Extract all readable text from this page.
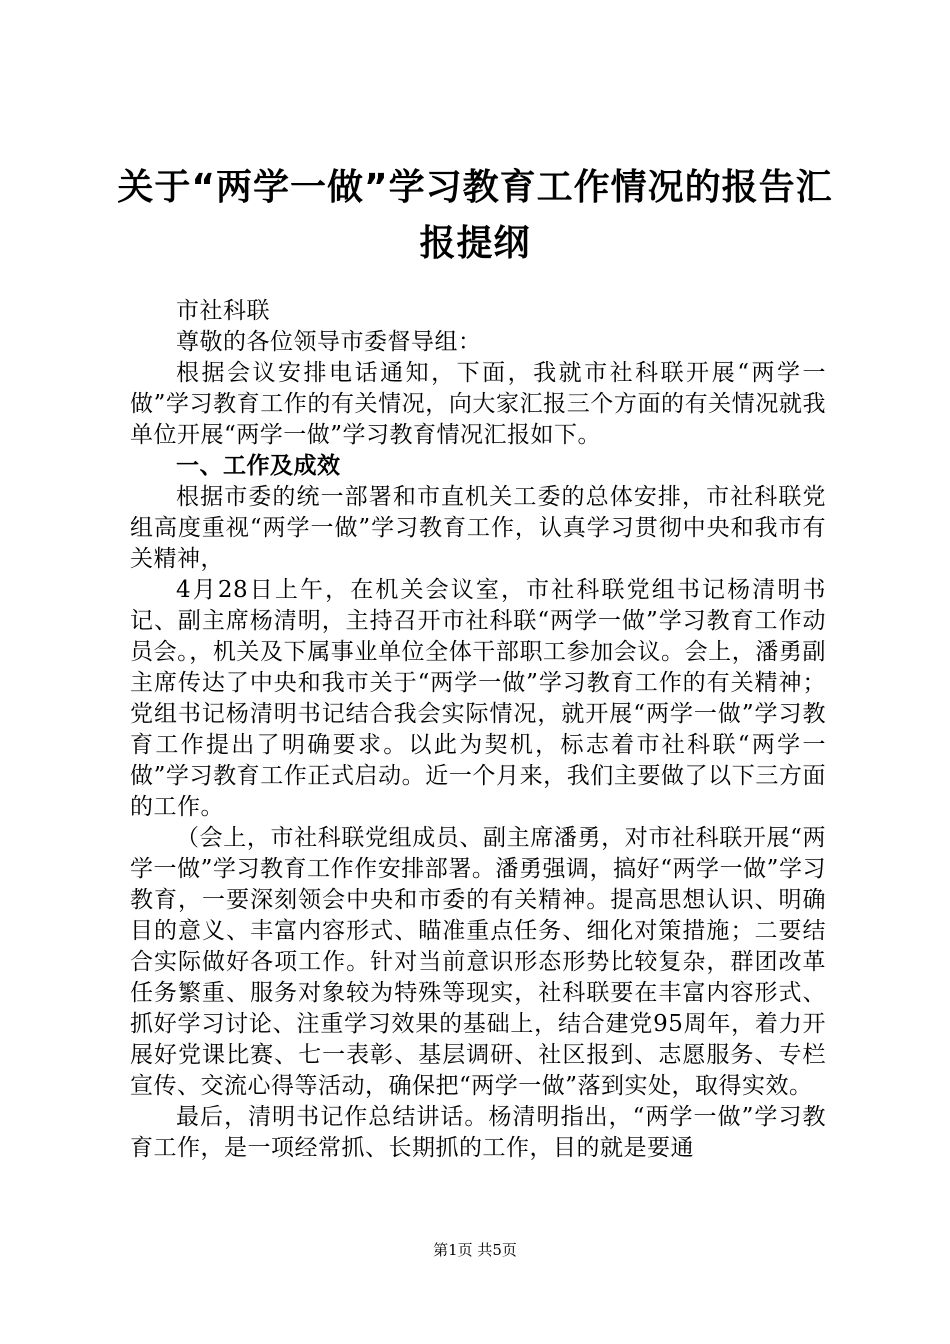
关于“两学一做”学习教育工作情况的报告汇报提纲

市社科联

尊敬的各位领导市委督导组：

根据会议安排电话通知，下面，我就市社科联开展“两学一做”学习教育工作的有关情况，向大家汇报三个方面的有关情况就我单位开展“两学一做”学习教育情况汇报如下。

一、工作及成效

根据市委的统一部署和市直机关工委的总体安排，市社科联党组高度重视“两学一做”学习教育工作，认真学习贯彻中央和我市有关精神，

4月28日上午，在机关会议室，市社科联党组书记杨清明书记、副主席杨清明，主持召开市社科联“两学一做”学习教育工作动员会。，机关及下属事业单位全体干部职工参加会议。会上，潘勇副主席传达了中央和我市关于“两学一做”学习教育工作的有关精神；党组书记杨清明书记结合我会实际情况，就开展“两学一做”学习教育工作提出了明确要求。以此为契机，标志着市社科联“两学一做”学习教育工作正式启动。近一个月来，我们主要做了以下三方面的工作。

（会上，市社科联党组成员、副主席潘勇，对市社科联开展“两学一做”学习教育工作作安排部署。潘勇强调，搞好“两学一做”学习教育，一要深刻领会中央和市委的有关精神。提高思想认识、明确目的意义、丰富内容形式、瞄准重点任务、细化对策措施；二要结合实际做好各项工作。针对当前意识形态形势比较复杂，群团改革任务繁重、服务对象较为特殊等现实，社科联要在丰富内容形式、抓好学习讨论、注重学习效果的基础上，结合建党95周年，着力开展好党课比赛、七一表彰、基层调研、社区报到、志愿服务、专栏宣传、交流心得等活动，确保把“两学一做”落到实处，取得实效。

最后，清明书记作总结讲话。杨清明指出，“两学一做”学习教育工作，是一项经常抓、长期抓的工作，目的就是要通

第1页 共5页
